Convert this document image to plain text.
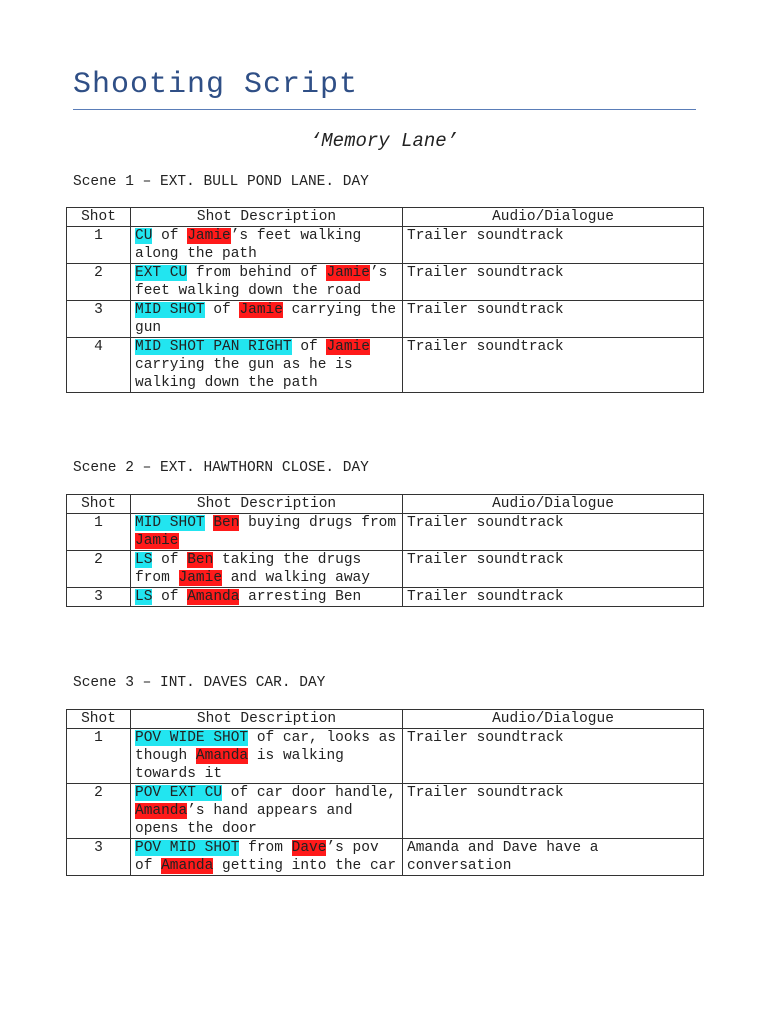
Shooting Script
‘Memory Lane’
Scene 1 – EXT. BULL POND LANE. DAY
Shot	Shot Description	Audio/Dialogue
1	CU of Jamie’s feet walking along the path	Trailer soundtrack
2	EXT CU from behind of Jamie’s feet walking down the road	Trailer soundtrack
3	MID SHOT of Jamie carrying the gun	Trailer soundtrack
4	MID SHOT PAN RIGHT of Jamie carrying the gun as he is walking down the path	Trailer soundtrack
Scene 2 – EXT. HAWTHORN CLOSE. DAY
Shot	Shot Description	Audio/Dialogue
1	MID SHOT Ben buying drugs from Jamie	Trailer soundtrack
2	LS of Ben taking the drugs from Jamie and walking away	Trailer soundtrack
3	LS of Amanda arresting Ben	Trailer soundtrack
Scene 3 – INT. DAVES CAR. DAY
Shot	Shot Description	Audio/Dialogue
1	POV WIDE SHOT of car, looks as though Amanda is walking towards it	Trailer soundtrack
2	POV EXT CU of car door handle, Amanda’s hand appears and opens the door	Trailer soundtrack
3	POV MID SHOT from Dave’s pov of Amanda getting into the car	Amanda and Dave have a conversation
